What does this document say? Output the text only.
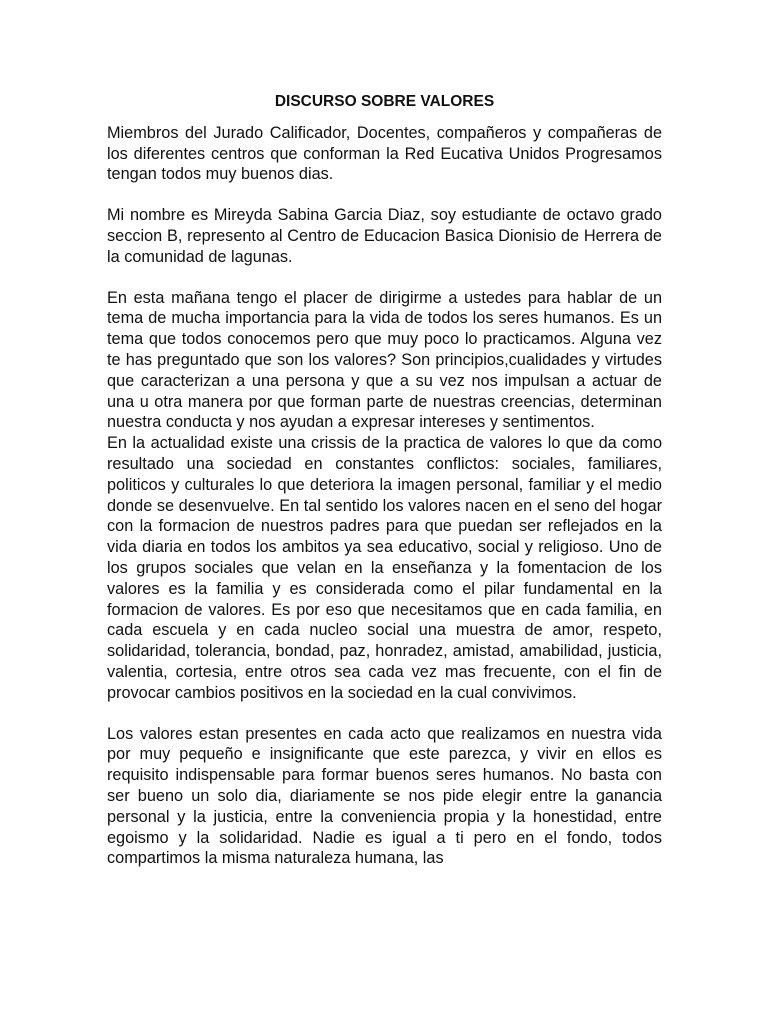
DISCURSO SOBRE VALORES

Miembros del Jurado Calificador, Docentes, compañeros y compañeras de los diferentes centros que conforman la Red Eucativa Unidos Progresamos tengan todos muy buenos dias.

Mi nombre es Mireyda Sabina Garcia Diaz, soy estudiante de octavo grado seccion B, represento al Centro de Educacion Basica Dionisio de Herrera de la comunidad de lagunas.

En esta mañana tengo el placer de dirigirme a ustedes para hablar de un tema de mucha importancia para la vida de todos los seres humanos. Es un tema que todos conocemos pero que muy poco lo practicamos. Alguna vez te has preguntado que son los valores? Son principios,cualidades y virtudes que caracterizan a una persona y que a su vez nos impulsan a actuar de una u otra manera por que forman parte de nuestras creencias, determinan nuestra conducta y nos ayudan a expresar intereses y sentimentos.

En la actualidad existe una crissis de la practica de valores lo que da como resultado una sociedad en constantes conflictos: sociales, familiares, politicos y culturales lo que deteriora la imagen personal, familiar y el medio donde se desenvuelve. En tal sentido los valores nacen en el seno del hogar con la formacion de nuestros padres para que puedan ser reflejados en la vida diaria en todos los ambitos ya sea educativo, social y religioso. Uno de los grupos sociales que velan en la enseñanza y la fomentacion de los valores es la familia y es considerada como el pilar fundamental en la formacion de valores. Es por eso que necesitamos que en cada familia, en cada escuela y en cada nucleo social una muestra de amor, respeto, solidaridad, tolerancia, bondad, paz, honradez, amistad, amabilidad, justicia, valentia, cortesia, entre otros sea cada vez mas frecuente, con el fin de provocar cambios positivos en la sociedad en la cual convivimos.

Los valores estan presentes en cada acto que realizamos en nuestra vida por muy pequeño e insignificante que este parezca, y vivir en ellos es requisito indispensable para formar buenos seres humanos. No basta con ser bueno un solo dia, diariamente se nos pide elegir entre la ganancia personal y la justicia, entre la conveniencia propia y la honestidad, entre egoismo y la solidaridad. Nadie es igual a ti pero en el fondo, todos compartimos la misma naturaleza humana, las
